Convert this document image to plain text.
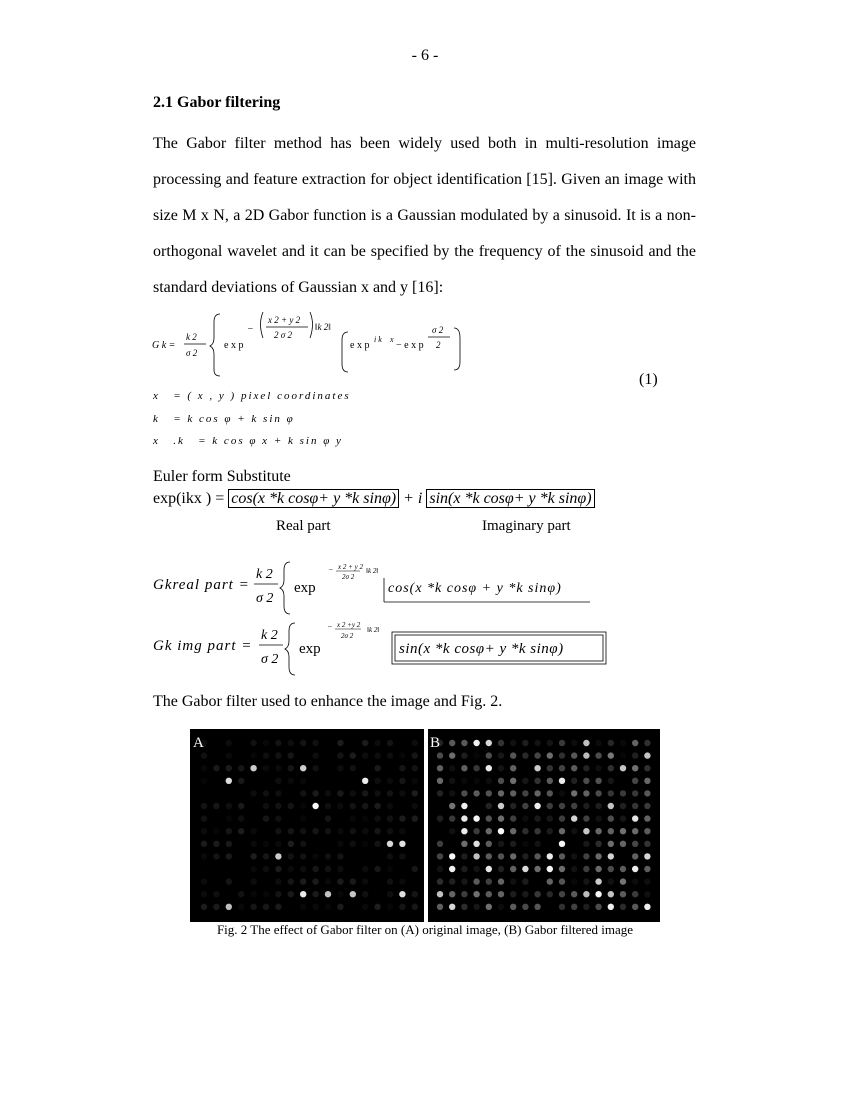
- 6 -
2.1 Gabor filtering
The Gabor filter method has been widely used both in multi-resolution image
processing and feature extraction for object identification [15]. Given an image with
size M x N, a 2D Gabor function is a Gaussian modulated by a sinusoid. It is a non-
orthogonal wavelet and it can be specified by the frequency of the sinusoid and the
standard deviations of Gaussian x and y [16]:
G k =
k 2
σ 2
e x p
−
x 2 + y 2
2 σ 2
‖k 2‖
e x p
i k⃗ x⃗
− e x p
σ 2
2
(1)
x⃗ = ( x , y ) pixel coordinates
k⃗ = k cos φ + k sin φ
x⃗ .k⃗ = k cos φ x + k sin φ y
Euler form Substitute
exp(ikx ) = cos(x *k cosφ+ y *k sinφ) + i sin(x *k cosφ+ y *k sinφ)
Real part	Imaginary part
Gkreal part =
k 2
σ 2
exp
− x 2 + y 2
2σ 2
‖k 2‖
cos(x *k cosφ + y *k sinφ)
Gk img part =
k 2
σ 2
exp
− x 2 +y 2
2σ 2
‖k 2‖
sin(x *k cosφ+ y *k sinφ)
The Gabor filter used to enhance the image and Fig. 2.
A	B
Fig. 2 The effect of Gabor filter on (A) original image, (B) Gabor filtered image
